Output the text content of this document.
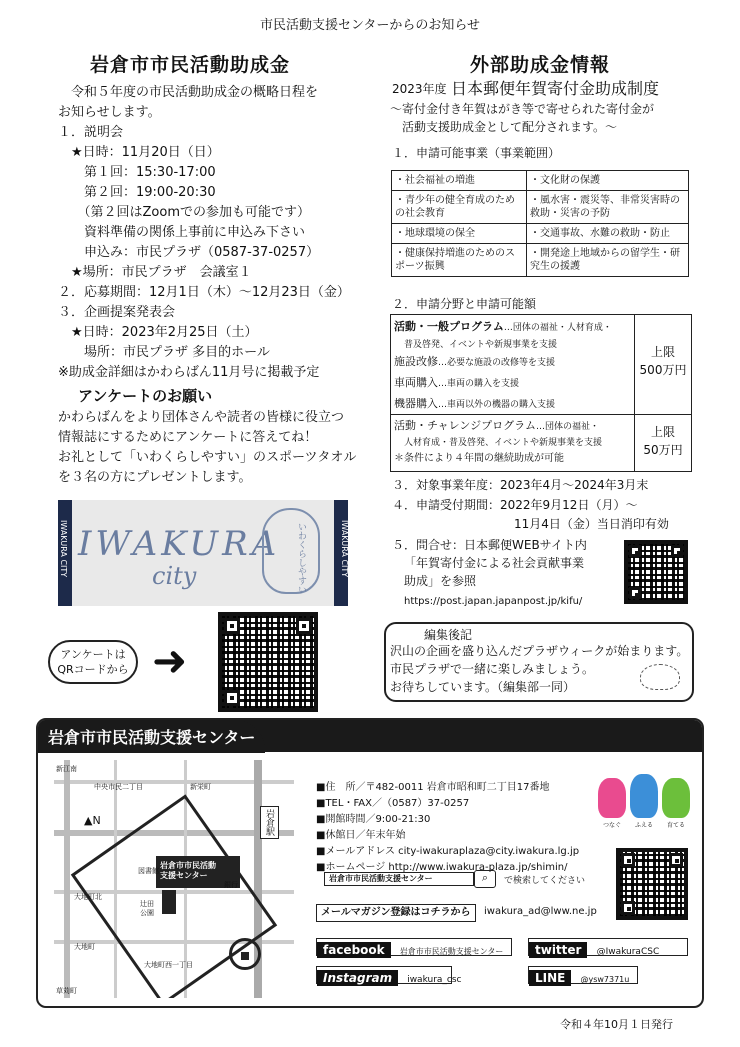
市民活動支援センターからのお知らせ
岩倉市市民活動助成金
　令和５年度の市民活動助成金の概略日程を
お知らせします。
１．説明会
　★日時：11月20日（日）
　　第１回：15:30-17:00
　　第２回：19:00-20:30
　　（第２回はZoomでの参加も可能です）
　　資料準備の関係上事前に申込み下さい
　　申込み：市民プラザ（0587-37-0257）
　★場所：市民プラザ　会議室１
２．応募期間：12月1日（木）～12月23日（金）
３．企画提案発表会
　★日時：2023年2月25日（土）
　　場所：市民プラザ 多目的ホール
※助成金詳細はかわらばん11月号に掲載予定
アンケートのお願い
かわらばんをより団体さんや読者の皆様に役立つ
情報誌にするためにアンケートに答えてね！
お礼として「いわくらしやすい」のスポーツタオル
を３名の方にプレゼントします。
IWAKURA
city	いわくらしやすい
IWAKURA CITY	IWAKURA CITY
アンケートは
QRコードから ➜
外部助成金情報
2023年度 日本郵便年賀寄付金助成制度
～寄付金付き年賀はがき等で寄せられた寄付金が
活動支援助成金として配分されます。～
１．申請可能事業（事業範囲）
・社会福祉の増進	・文化財の保護
・青少年の健全育成のための社会教育	・風水害・震災等、非常災害時の救助・災害の予防
・地球環境の保全	・交通事故、水難の救助・防止
・健康保持増進のためのスポーツ振興	・開発途上地域からの留学生・研究生の援護
２．申請分野と申請可能額
活動・一般プログラム…団体の福祉・人材育成・
普及啓発、イベントや新規事業を支援
施設改修…必要な施設の改修等を支援
車両購入…車両の購入を支援
機器購入…車両以外の機器の購入支援
上限
500万円
活動・チャレンジプログラム…団体の福祉・
人材育成・普及啓発、イベントや新規事業を支援
＊条件により４年間の継続助成が可能
上限
50万円
３．対象事業年度：2023年4月～2024年3月末
４．申請受付期間：2022年9月12日（月）～
11月4日（金）当日消印有効
５．問合せ：日本郵便WEBサイト内
「年賀寄付金による社会貢献事業
助成」を参照
https://post.japan.japanpost.jp/kifu/
編集後記
沢山の企画を盛り込んだプラザウィークが始まります。
市民プラザで一緒に楽しみましょう。
お待ちしています。（編集部一同）
岩倉市市民活動支援センター
岩倉市市民活動
支援センター
▲N	岩倉駅
新江南
中央市民二丁目	新栄町
大地町北
大地町
図書館
辻田公園
銀行
大地町西一丁目
草苅町
■住　所／〒482-0011 岩倉市昭和町二丁目17番地
■TEL・FAX／（0587）37-0257
■開館時間／9:00-21:30
■休館日／年末年始
■メールアドレス city-iwakuraplaza@city.iwakura.lg.jp
■ホームページ http://www.iwakura-plaza.jp/shimin/
つなぐ	ふえる	育てる
岩倉市市民活動支援センター	⌕	で検索してください
メールマガジン登録はコチラから	iwakura_ad@lww.ne.jp
facebook 岩倉市市民活動支援センター	twitter @IwakuraCSC
Instagram iwakura_csc	LINE @ysw7371u
令和４年10月１日発行
